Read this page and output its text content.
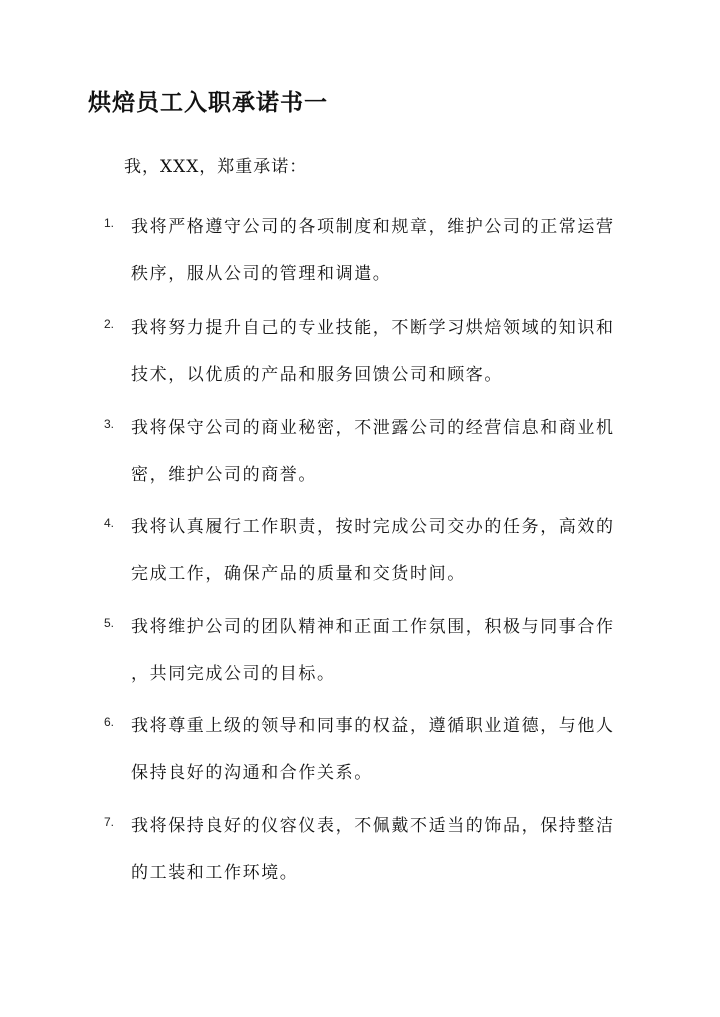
烘焙员工入职承诺书一
我，XXX，郑重承诺：
1. 我将严格遵守公司的各项制度和规章，维护公司的正常运营
秩序，服从公司的管理和调遣。
2. 我将努力提升自己的专业技能，不断学习烘焙领域的知识和
技术，以优质的产品和服务回馈公司和顾客。
3. 我将保守公司的商业秘密，不泄露公司的经营信息和商业机
密，维护公司的商誉。
4. 我将认真履行工作职责，按时完成公司交办的任务，高效的
完成工作，确保产品的质量和交货时间。
5. 我将维护公司的团队精神和正面工作氛围，积极与同事合作
，共同完成公司的目标。
6. 我将尊重上级的领导和同事的权益，遵循职业道德，与他人
保持良好的沟通和合作关系。
7. 我将保持良好的仪容仪表，不佩戴不适当的饰品，保持整洁
的工装和工作环境。
